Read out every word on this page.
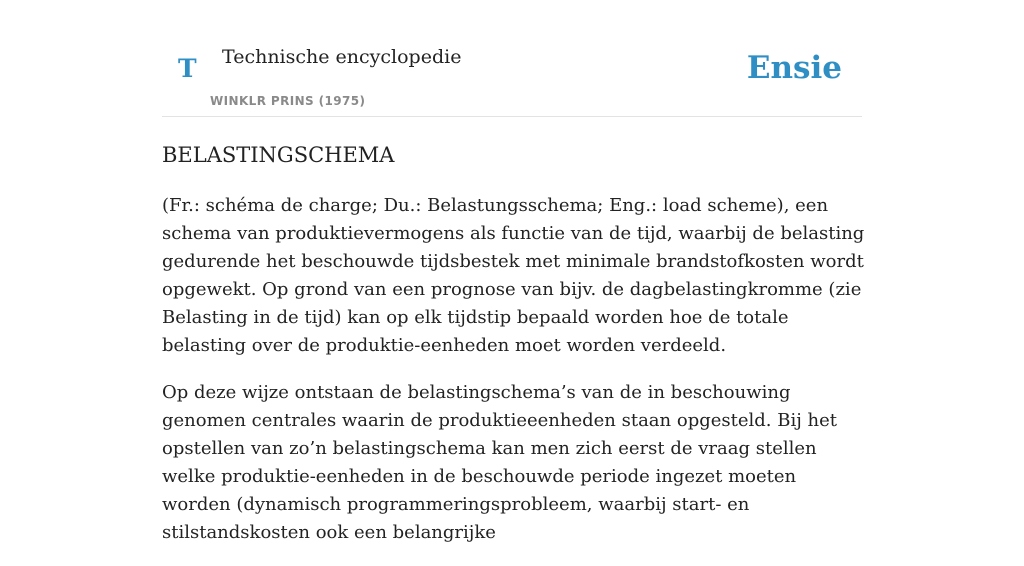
T Technische encyclopedie
WINKLR PRINS (1975)
Ensie
BELASTINGSCHEMA

(Fr.: schéma de charge; Du.: Belastungsschema; Eng.: load scheme), een schema van produktievermogens als functie van de tijd, waarbij de belasting gedurende het beschouwde tijdsbestek met minimale brandstofkosten wordt opgewekt. Op grond van een prognose van bijv. de dagbelastingkromme (zie Belasting in de tijd) kan op elk tijdstip bepaald worden hoe de totale belasting over de produktie-eenheden moet worden verdeeld.

Op deze wijze ontstaan de belastingschema’s van de in beschouwing genomen centrales waarin de produktieeenheden staan opgesteld. Bij het opstellen van zo’n belastingschema kan men zich eerst de vraag stellen welke produktie-eenheden in de beschouwde periode ingezet moeten worden (dynamisch programmeringsprobleem, waarbij start- en stilstandskosten ook een belangrijke
